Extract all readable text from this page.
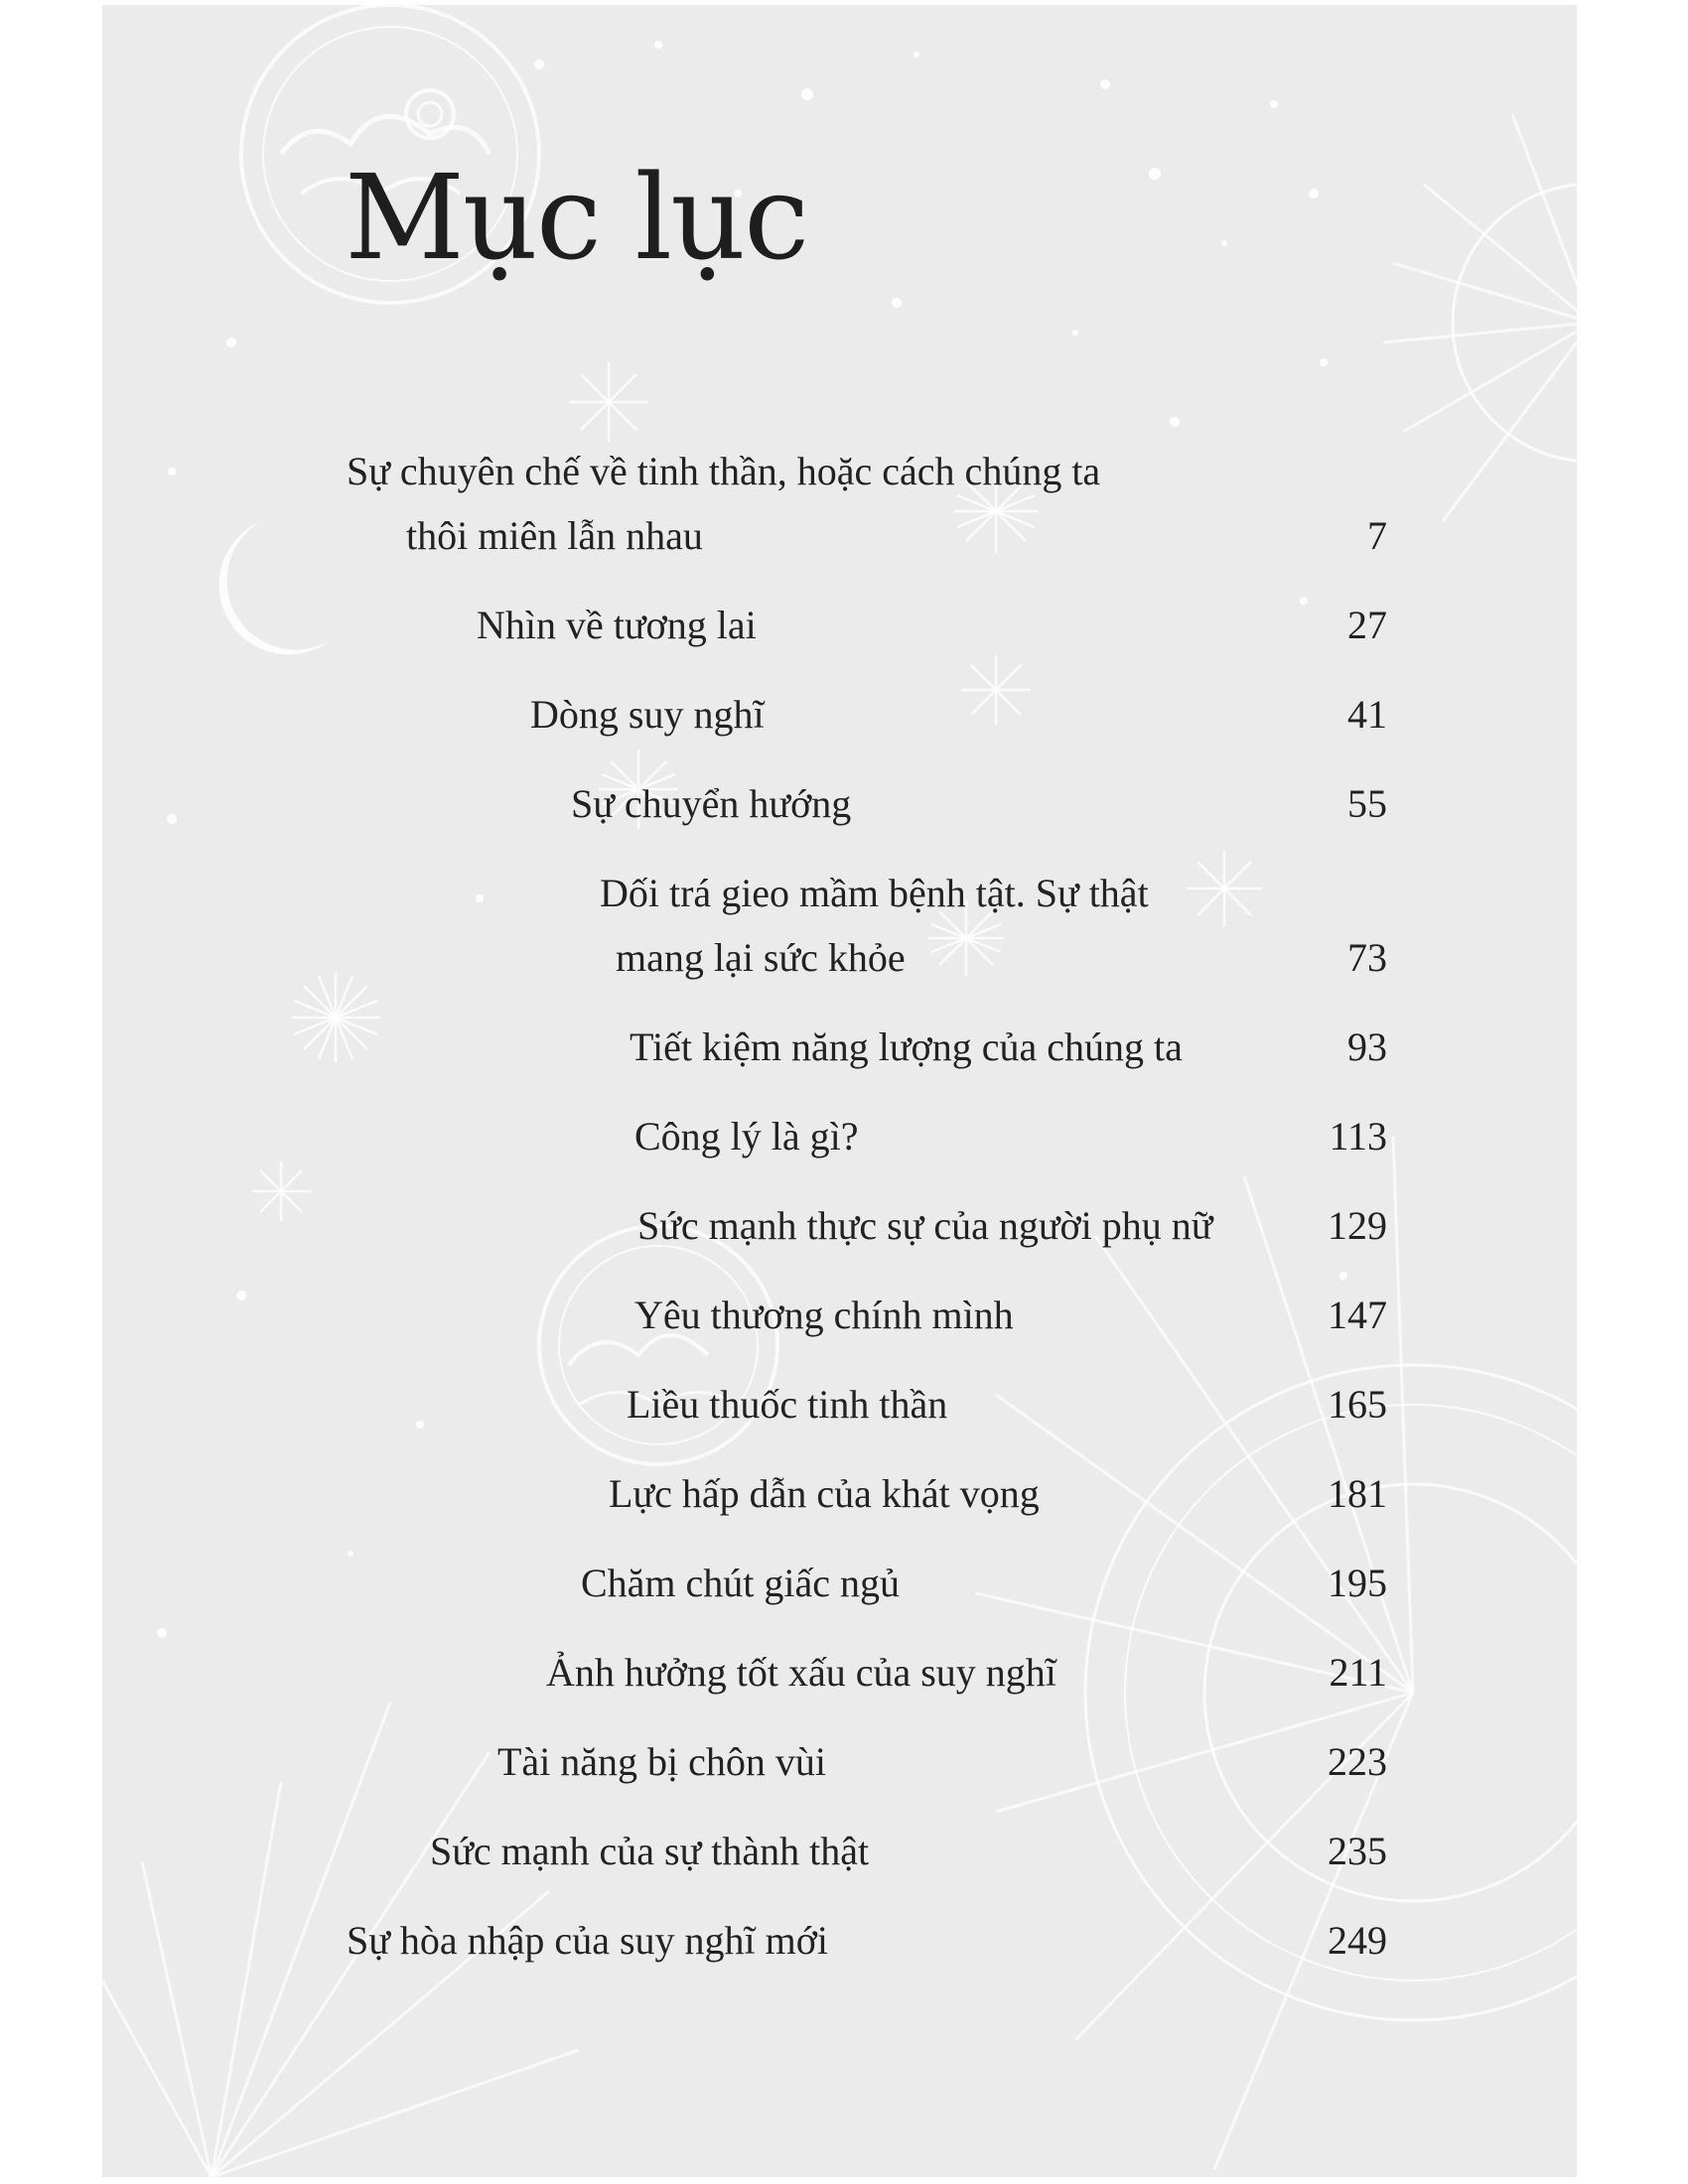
Mục lục
Sự chuyên chế về tinh thần, hoặc cách chúng ta
thôi miên lẫn nhau	7
Nhìn về tương lai	27
Dòng suy nghĩ	41
Sự chuyển hướng	55
Dối trá gieo mầm bệnh tật. Sự thật
mang lại sức khỏe	73
Tiết kiệm năng lượng của chúng ta	93
Công lý là gì?	113
Sức mạnh thực sự của người phụ nữ	129
Yêu thương chính mình	147
Liều thuốc tinh thần	165
Lực hấp dẫn của khát vọng	181
Chăm chút giấc ngủ	195
Ảnh hưởng tốt xấu của suy nghĩ	211
Tài năng bị chôn vùi	223
Sức mạnh của sự thành thật	235
Sự hòa nhập của suy nghĩ mới	249
